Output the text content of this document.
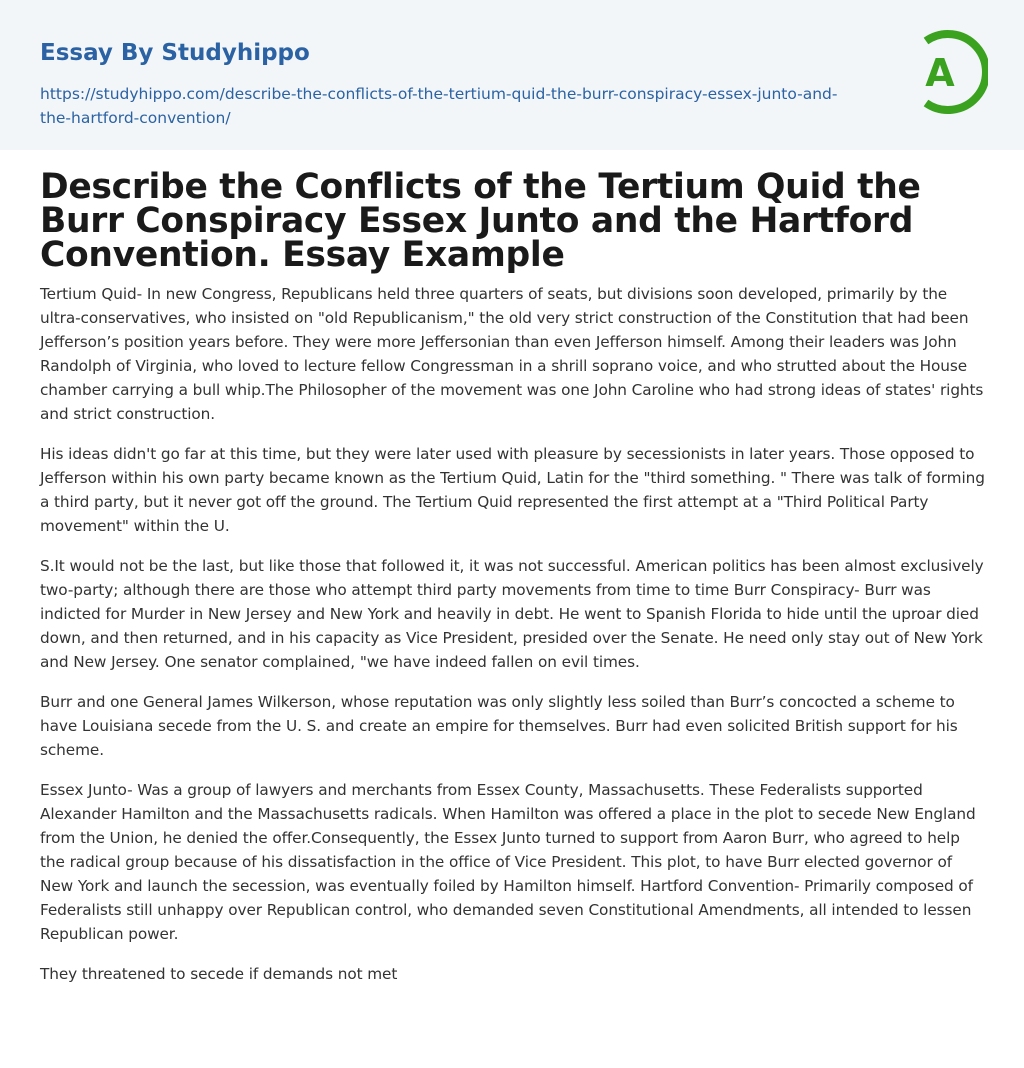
Essay By Studyhippo
https://studyhippo.com/describe-the-conflicts-of-the-tertium-quid-the-burr-conspiracy-essex-junto-and-the-hartford-convention/
A
Describe the Conflicts of the Tertium Quid the Burr Conspiracy Essex Junto and the Hartford Convention. Essay Example

Tertium Quid- In new Congress, Republicans held three quarters of seats, but divisions soon developed, primarily by the ultra-conservatives, who insisted on "old Republicanism," the old very strict construction of the Constitution that had been Jefferson’s position years before. They were more Jeffersonian than even Jefferson himself. Among their leaders was John Randolph of Virginia, who loved to lecture fellow Congressman in a shrill soprano voice, and who strutted about the House chamber carrying a bull whip.The Philosopher of the movement was one John Caroline who had strong ideas of states' rights and strict construction.

His ideas didn't go far at this time, but they were later used with pleasure by secessionists in later years. Those opposed to Jefferson within his own party became known as the Tertium Quid, Latin for the "third something. " There was talk of forming a third party, but it never got off the ground. The Tertium Quid represented the first attempt at a "Third Political Party movement" within the U.

S.It would not be the last, but like those that followed it, it was not successful. American politics has been almost exclusively two-party; although there are those who attempt third party movements from time to time Burr Conspiracy- Burr was indicted for Murder in New Jersey and New York and heavily in debt. He went to Spanish Florida to hide until the uproar died down, and then returned, and in his capacity as Vice President, presided over the Senate. He need only stay out of New York and New Jersey. One senator complained, "we have indeed fallen on evil times.

Burr and one General James Wilkerson, whose reputation was only slightly less soiled than Burr’s concocted a scheme to have Louisiana secede from the U. S. and create an empire for themselves. Burr had even solicited British support for his scheme.

Essex Junto- Was a group of lawyers and merchants from Essex County, Massachusetts. These Federalists supported Alexander Hamilton and the Massachusetts radicals. When Hamilton was offered a place in the plot to secede New England from the Union, he denied the offer.Consequently, the Essex Junto turned to support from Aaron Burr, who agreed to help the radical group because of his dissatisfaction in the office of Vice President. This plot, to have Burr elected governor of New York and launch the secession, was eventually foiled by Hamilton himself. Hartford Convention- Primarily composed of Federalists still unhappy over Republican control, who demanded seven Constitutional Amendments, all intended to lessen Republican power.

They threatened to secede if demands not met
